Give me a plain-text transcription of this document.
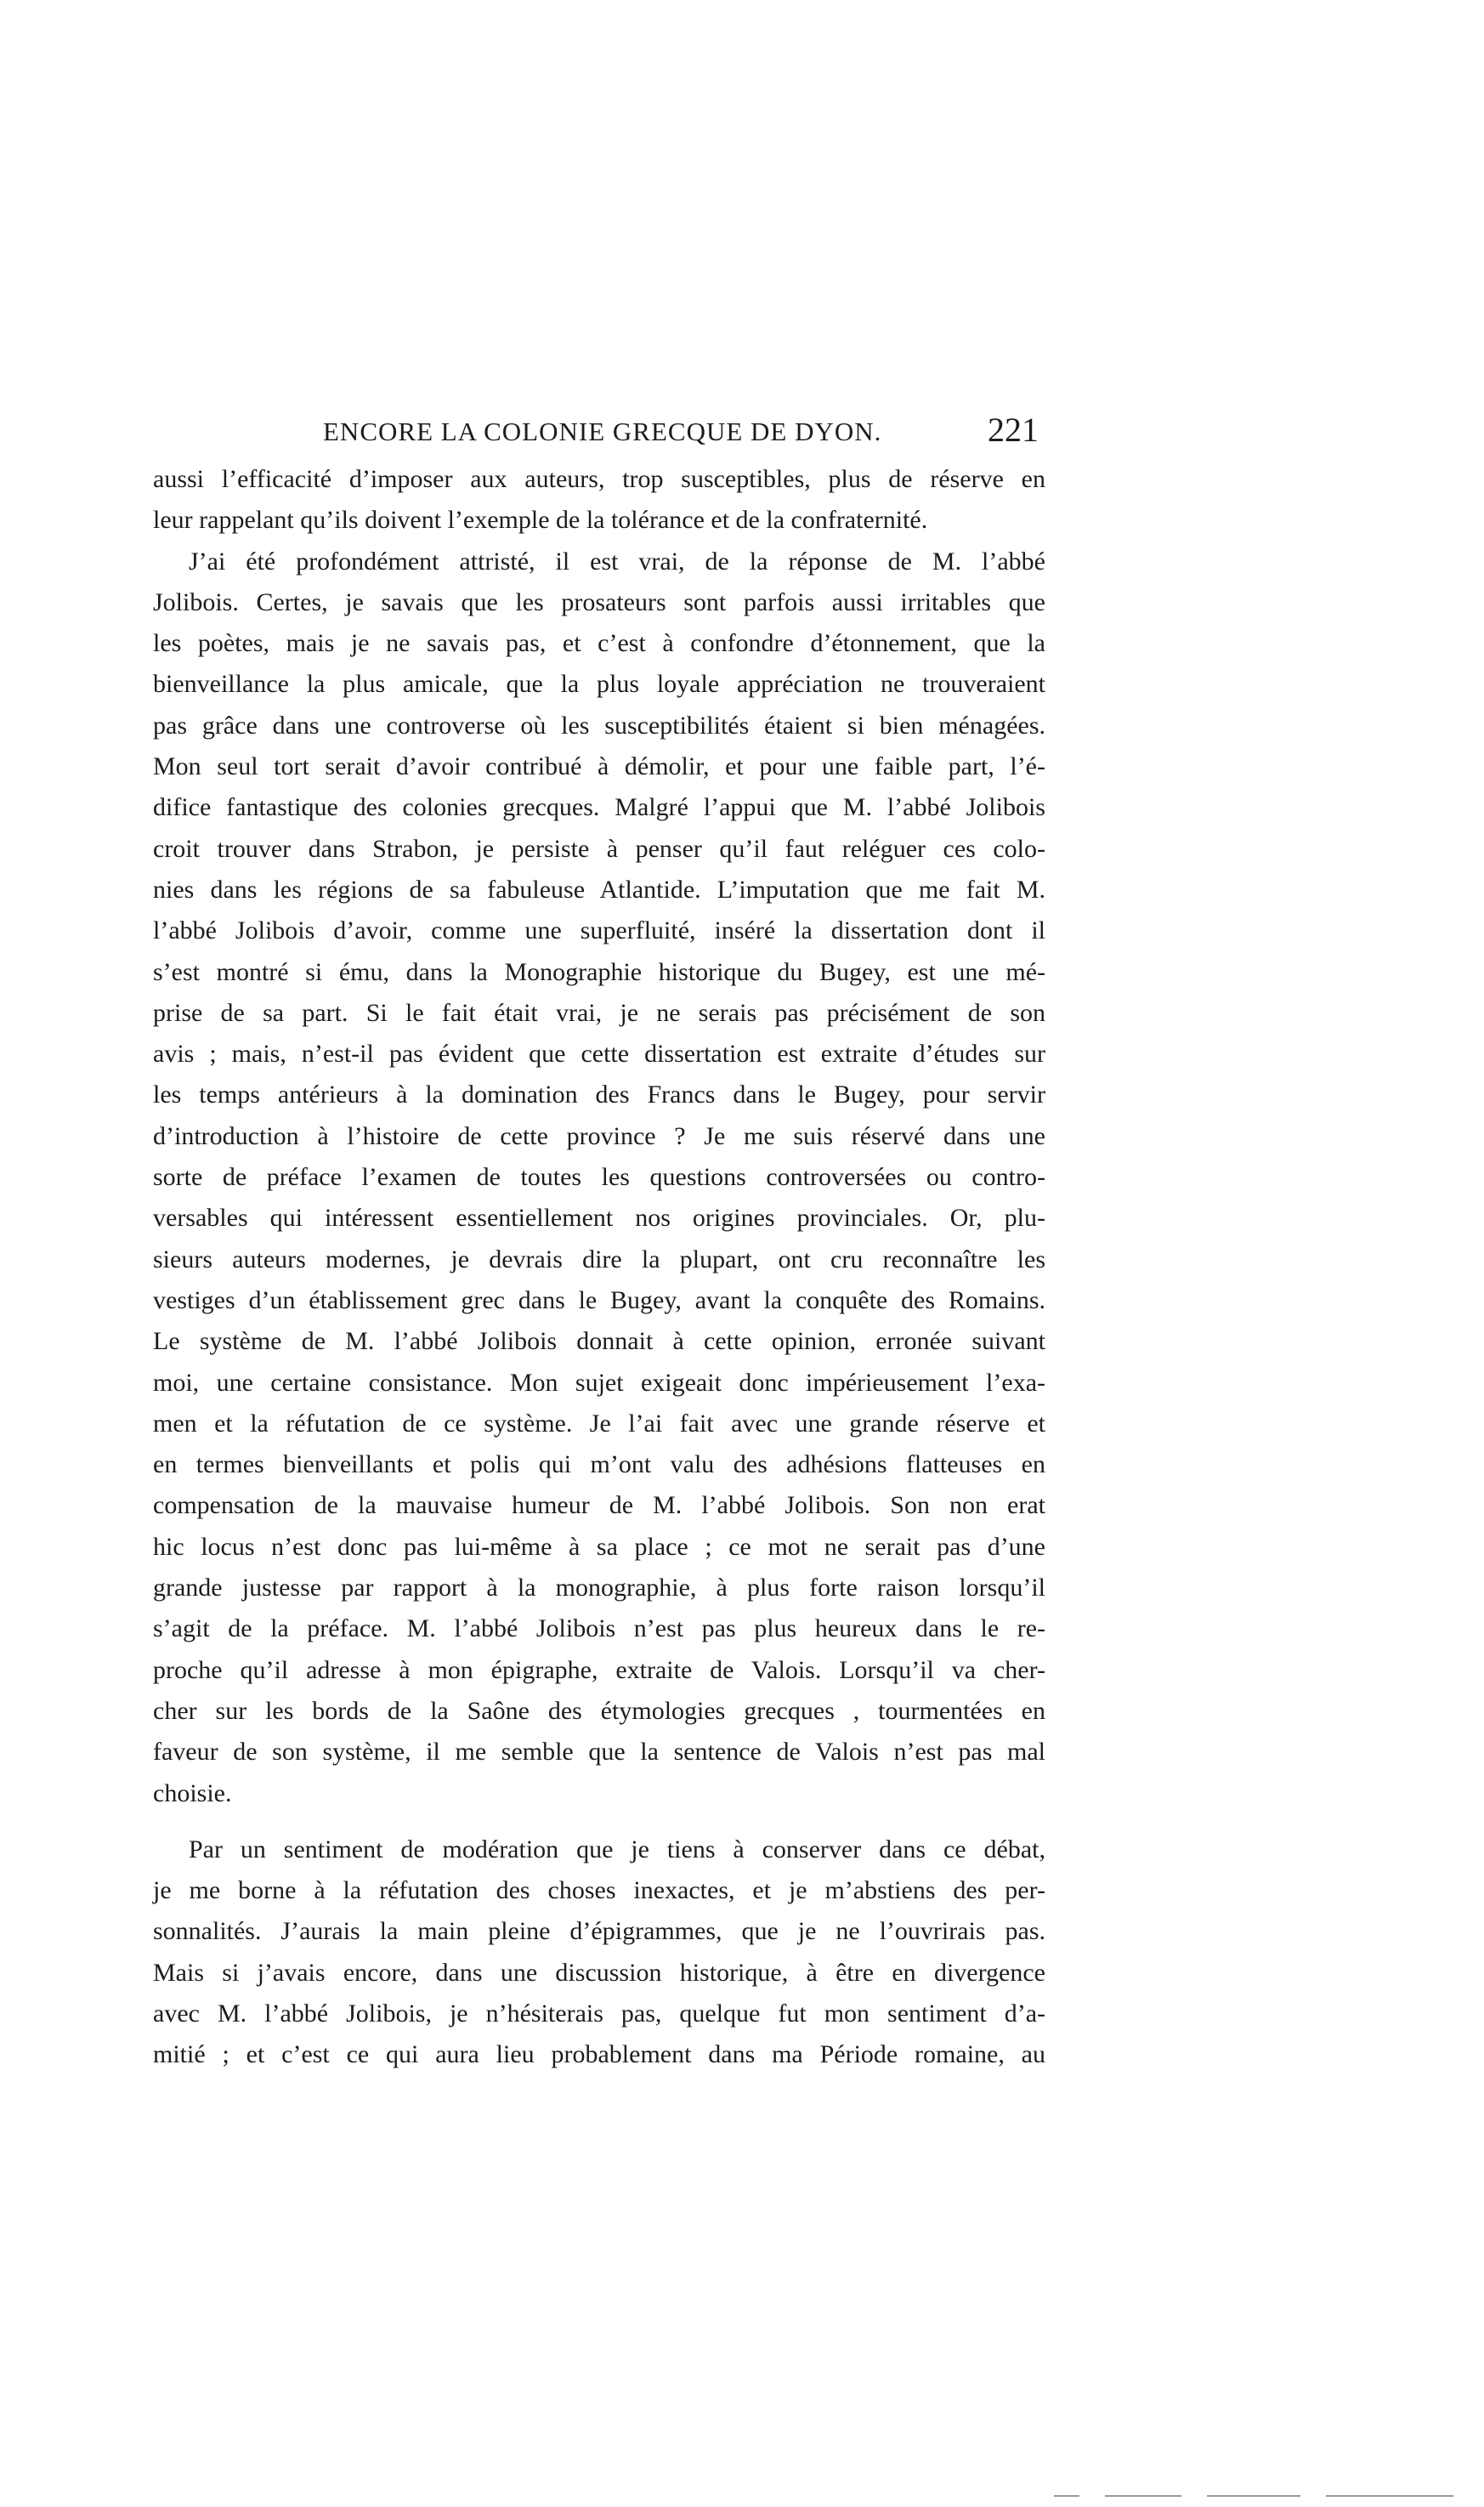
ENCORE LA COLONIE GRECQUE DE DYON.	221
aussi l’efficacité d’imposer aux auteurs, trop susceptibles, plus de réserve en
leur rappelant qu’ils doivent l’exemple de la tolérance et de la confraternité.
J’ai été profondément attristé, il est vrai, de la réponse de M. l’abbé
Jolibois. Certes, je savais que les prosateurs sont parfois aussi irritables que
les poètes, mais je ne savais pas, et c’est à confondre d’étonnement, que la
bienveillance la plus amicale, que la plus loyale appréciation ne trouveraient
pas grâce dans une controverse où les susceptibilités étaient si bien ménagées.
Mon seul tort serait d’avoir contribué à démolir, et pour une faible part, l’é-
difice fantastique des colonies grecques. Malgré l’appui que M. l’abbé Jolibois
croit trouver dans Strabon, je persiste à penser qu’il faut reléguer ces colo-
nies dans les régions de sa fabuleuse Atlantide. L’imputation que me fait M.
l’abbé Jolibois d’avoir, comme une superfluité, inséré la dissertation dont il
s’est montré si ému, dans la Monographie historique du Bugey, est une mé-
prise de sa part. Si le fait était vrai, je ne serais pas précisément de son
avis ; mais, n’est-il pas évident que cette dissertation est extraite d’études sur
les temps antérieurs à la domination des Francs dans le Bugey, pour servir
d’introduction à l’histoire de cette province ? Je me suis réservé dans une
sorte de préface l’examen de toutes les questions controversées ou contro-
versables qui intéressent essentiellement nos origines provinciales. Or, plu-
sieurs auteurs modernes, je devrais dire la plupart, ont cru reconnaître les
vestiges d’un établissement grec dans le Bugey, avant la conquête des Romains.
Le système de M. l’abbé Jolibois donnait à cette opinion, erronée suivant
moi, une certaine consistance. Mon sujet exigeait donc impérieusement l’exa-
men et la réfutation de ce système. Je l’ai fait avec une grande réserve et
en termes bienveillants et polis qui m’ont valu des adhésions flatteuses en
compensation de la mauvaise humeur de M. l’abbé Jolibois. Son non erat
hic locus n’est donc pas lui-même à sa place ; ce mot ne serait pas d’une
grande justesse par rapport à la monographie, à plus forte raison lorsqu’il
s’agit de la préface. M. l’abbé Jolibois n’est pas plus heureux dans le re-
proche qu’il adresse à mon épigraphe, extraite de Valois. Lorsqu’il va cher-
cher sur les bords de la Saône des étymologies grecques , tourmentées en
faveur de son système, il me semble que la sentence de Valois n’est pas mal
choisie.
Par un sentiment de modération que je tiens à conserver dans ce débat,
je me borne à la réfutation des choses inexactes, et je m’abstiens des per-
sonnalités. J’aurais la main pleine d’épigrammes, que je ne l’ouvrirais pas.
Mais si j’avais encore, dans une discussion historique, à être en divergence
avec M. l’abbé Jolibois, je n’hésiterais pas, quelque fut mon sentiment d’a-
mitié ; et c’est ce qui aura lieu probablement dans ma Période romaine, au
